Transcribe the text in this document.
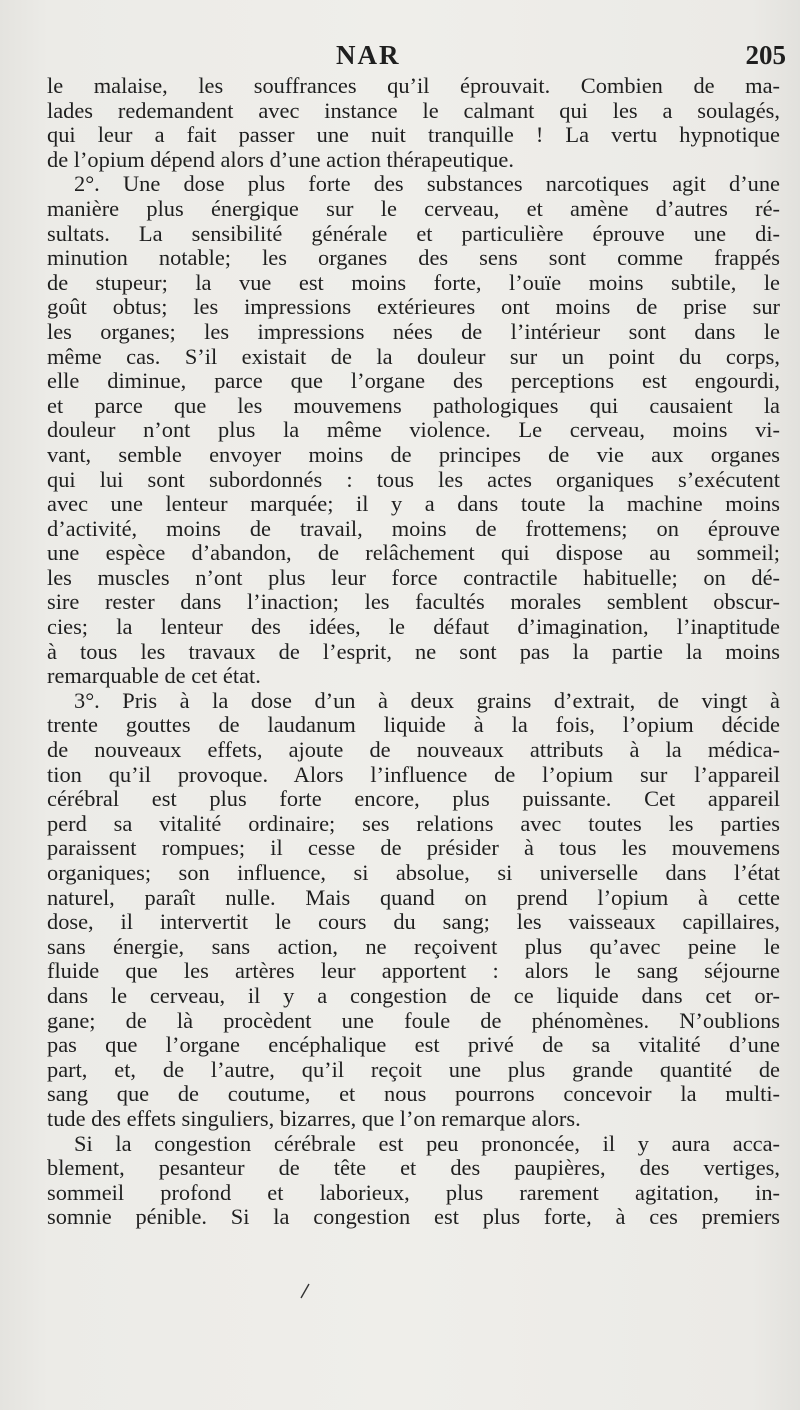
NAR	205
le malaise, les souffrances qu’il éprouvait. Combien de ma-
lades redemandent avec instance le calmant qui les a soulagés,
qui leur a fait passer une nuit tranquille ! La vertu hypnotique
de l’opium dépend alors d’une action thérapeutique.
2°. Une dose plus forte des substances narcotiques agit d’une
manière plus énergique sur le cerveau, et amène d’autres ré-
sultats. La sensibilité générale et particulière éprouve une di-
minution notable; les organes des sens sont comme frappés
de stupeur; la vue est moins forte, l’ouïe moins subtile, le
goût obtus; les impressions extérieures ont moins de prise sur
les organes; les impressions nées de l’intérieur sont dans le
même cas. S’il existait de la douleur sur un point du corps,
elle diminue, parce que l’organe des perceptions est engourdi,
et parce que les mouvemens pathologiques qui causaient la
douleur n’ont plus la même violence. Le cerveau, moins vi-
vant, semble envoyer moins de principes de vie aux organes
qui lui sont subordonnés : tous les actes organiques s’exécutent
avec une lenteur marquée; il y a dans toute la machine moins
d’activité, moins de travail, moins de frottemens; on éprouve
une espèce d’abandon, de relâchement qui dispose au sommeil;
les muscles n’ont plus leur force contractile habituelle; on dé-
sire rester dans l’inaction; les facultés morales semblent obscur-
cies; la lenteur des idées, le défaut d’imagination, l’inaptitude
à tous les travaux de l’esprit, ne sont pas la partie la moins
remarquable de cet état.
3°. Pris à la dose d’un à deux grains d’extrait, de vingt à
trente gouttes de laudanum liquide à la fois, l’opium décide
de nouveaux effets, ajoute de nouveaux attributs à la médica-
tion qu’il provoque. Alors l’influence de l’opium sur l’appareil
cérébral est plus forte encore, plus puissante. Cet appareil
perd sa vitalité ordinaire; ses relations avec toutes les parties
paraissent rompues; il cesse de présider à tous les mouvemens
organiques; son influence, si absolue, si universelle dans l’état
naturel, paraît nulle. Mais quand on prend l’opium à cette
dose, il intervertit le cours du sang; les vaisseaux capillaires,
sans énergie, sans action, ne reçoivent plus qu’avec peine le
fluide que les artères leur apportent : alors le sang séjourne
dans le cerveau, il y a congestion de ce liquide dans cet or-
gane; de là procèdent une foule de phénomènes. N’oublions
pas que l’organe encéphalique est privé de sa vitalité d’une
part, et, de l’autre, qu’il reçoit une plus grande quantité de
sang que de coutume, et nous pourrons concevoir la multi-
tude des effets singuliers, bizarres, que l’on remarque alors.
Si la congestion cérébrale est peu prononcée, il y aura acca-
blement, pesanteur de tête et des paupières, des vertiges,
sommeil profond et laborieux, plus rarement agitation, in-
somnie pénible. Si la congestion est plus forte, à ces premiers
